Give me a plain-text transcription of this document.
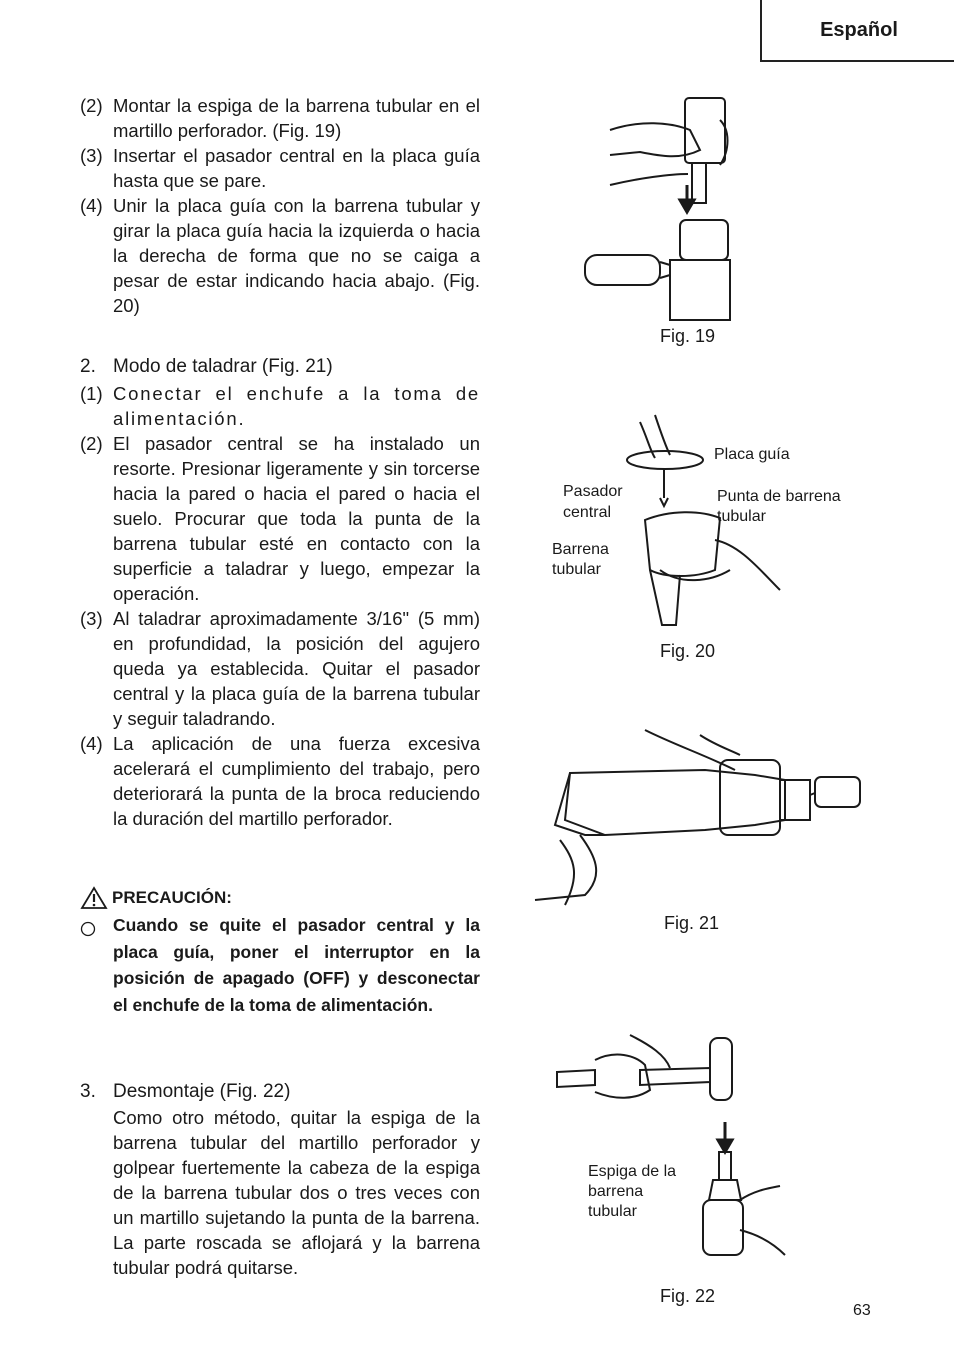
Español
(2) Montar la espiga de la barrena tubular en el martillo perforador. (Fig. 19)
(3) Insertar el pasador central en la placa guía hasta que se pare.
(4) Unir la placa guía con la barrena tubular y girar la placa guía hacia la izquierda o hacia la derecha de forma que no se caiga a pesar de estar indicando hacia abajo. (Fig. 20)
2. Modo de taladrar (Fig. 21)
(1) Conectar el enchufe a la toma de alimentación.
(2) El pasador central se ha instalado un resorte. Presionar ligeramente y sin torcerse hacia la pared o hacia el pared o hacia el suelo. Procurar que toda la punta de la barrena tubular esté en contacto con la superficie a taladrar y luego, empezar la operación.
(3) Al taladrar aproximadamente 3/16" (5 mm) en profundidad, la posición del agujero queda ya establecida. Quitar el pasador central y la placa guía de la barrena tubular y seguir taladrando.
(4) La aplicación de una fuerza excesiva acelerará el cumplimiento del trabajo, pero deteriorará la punta de la broca reduciendo la duración del martillo perforador.
PRECAUCIÓN:
Cuando se quite el pasador central y la placa guía, poner el interruptor en la posición de apagado (OFF) y desconectar el enchufe de la toma de alimentación.
3. Desmontaje (Fig. 22)
Como otro método, quitar la espiga de la barrena tubular del martillo perforador y golpear fuertemente la cabeza de la espiga de la barrena tubular dos o tres veces con un martillo sujetando la punta de la barrena. La parte roscada se aflojará y la barrena tubular podrá quitarse.
Fig. 19
Placa guía
Pasador
central
Punta de barrena
tubular
Barrena
tubular
Fig. 20
Fig. 21
Espiga de la
barrena
tubular
Fig. 22
63
